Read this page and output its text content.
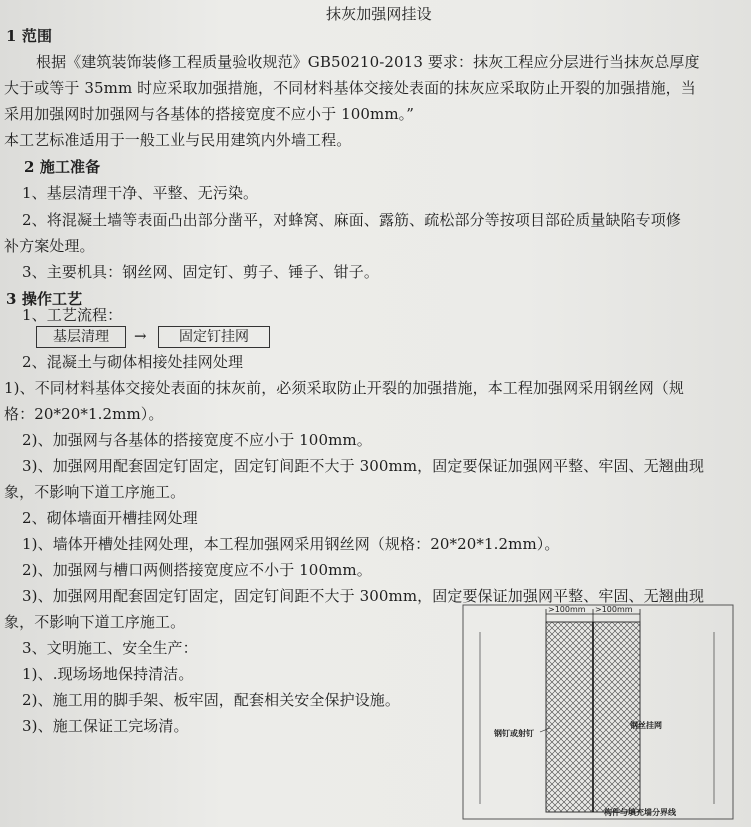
抹灰加强网挂设
1 范围
根据《建筑装饰装修工程质量验收规范》GB50210-2013 要求：抹灰工程应分层进行当抹灰总厚度
大于或等于 35mm 时应采取加强措施，不同材料基体交接处表面的抹灰应采取防止开裂的加强措施，当
采用加强网时加强网与各基体的搭接宽度不应小于 100mm。”
本工艺标准适用于一般工业与民用建筑内外墙工程。
2 施工准备
1、基层清理干净、平整、无污染。
2、将混凝土墙等表面凸出部分凿平，对蜂窝、麻面、露筋、疏松部分等按项目部砼质量缺陷专项修
补方案处理。
3、主要机具：钢丝网、固定钉、剪子、锤子、钳子。
3 操作工艺
1、工艺流程：
基层清理	→	固定钉挂网
2、混凝土与砌体相接处挂网处理
1)、不同材料基体交接处表面的抹灰前，必须采取防止开裂的加强措施，本工程加强网采用钢丝网（规
格：20*20*1.2mm）。
2)、加强网与各基体的搭接宽度不应小于 100mm。
3)、加强网用配套固定钉固定，固定钉间距不大于 300mm，固定要保证加强网平整、牢固、无翘曲现
象，不影响下道工序施工。
2、砌体墙面开槽挂网处理
1)、墙体开槽处挂网处理，本工程加强网采用钢丝网（规格：20*20*1.2mm）。
2)、加强网与槽口两侧搭接宽度应不小于 100mm。
3)、加强网用配套固定钉固定，固定钉间距不大于 300mm，固定要保证加强网平整、牢固、无翘曲现
象，不影响下道工序施工。
3、文明施工、安全生产：
1)、.现场场地保持清洁。
2)、施工用的脚手架、板牢固，配套相关安全保护设施。
3)、施工保证工完场清。
>100mm >100mm
钢钉或射钉
钢丝挂网
构件与填充墙分界线
